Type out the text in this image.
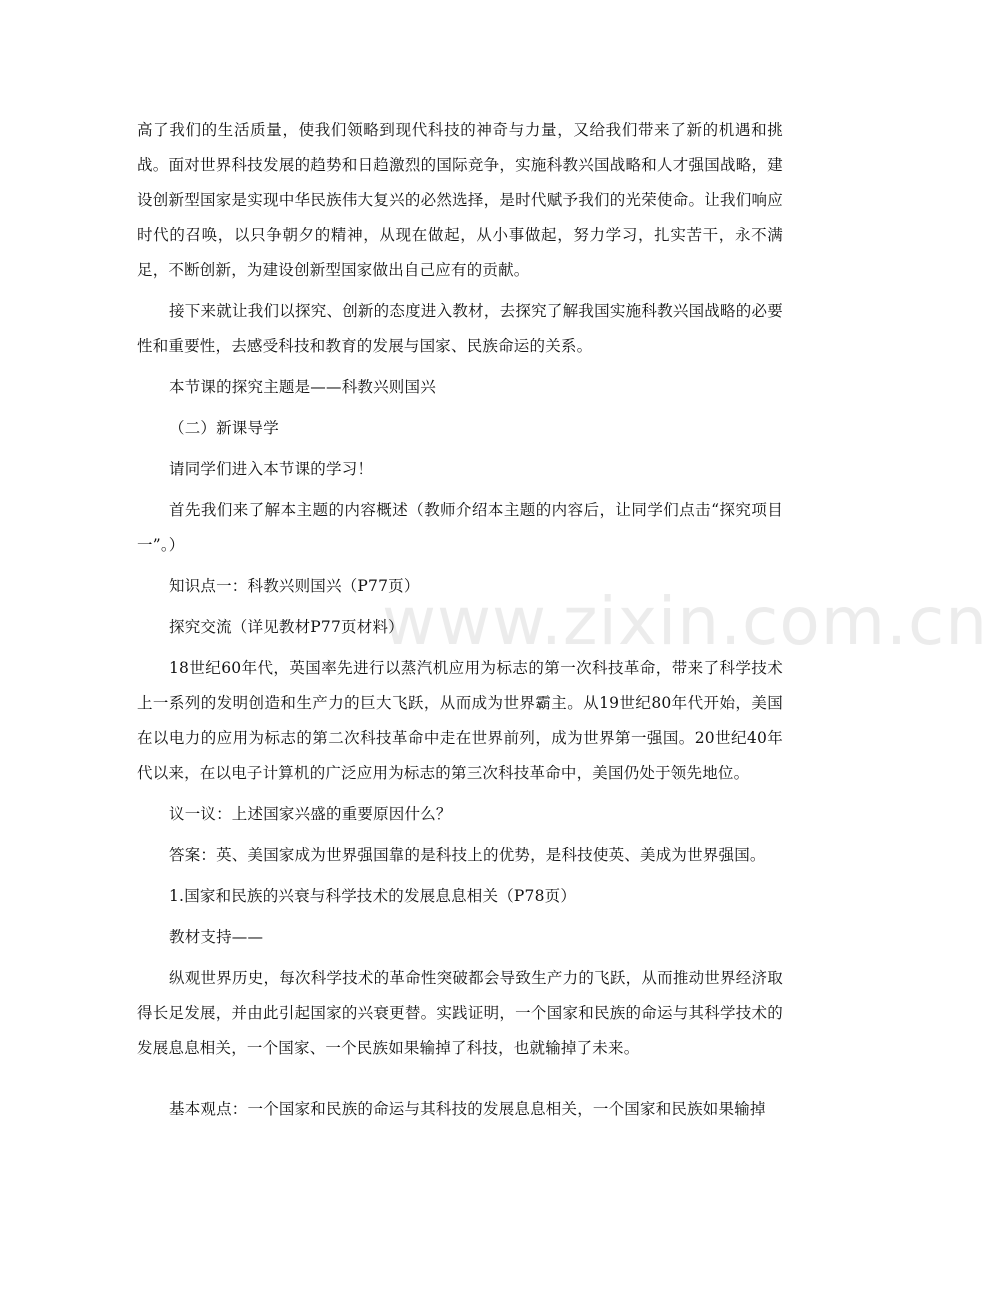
www.zixin.com.cn

高了我们的生活质量，使我们领略到现代科技的神奇与力量，又给我们带来了新的机遇和挑战。面对世界科技发展的趋势和日趋激烈的国际竞争，实施科教兴国战略和人才强国战略，建设创新型国家是实现中华民族伟大复兴的必然选择，是时代赋予我们的光荣使命。让我们响应时代的召唤，以只争朝夕的精神，从现在做起，从小事做起，努力学习，扎实苦干，永不满足，不断创新，为建设创新型国家做出自己应有的贡献。

接下来就让我们以探究、创新的态度进入教材，去探究了解我国实施科教兴国战略的必要性和重要性，去感受科技和教育的发展与国家、民族命运的关系。

本节课的探究主题是——科教兴则国兴

（二）新课导学

请同学们进入本节课的学习！

首先我们来了解本主题的内容概述（教师介绍本主题的内容后，让同学们点击“探究项目一”。）

知识点一：科教兴则国兴（P77页）

探究交流（详见教材P77页材料）

18世纪60年代，英国率先进行以蒸汽机应用为标志的第一次科技革命，带来了科学技术上一系列的发明创造和生产力的巨大飞跃，从而成为世界霸主。从19世纪80年代开始，美国在以电力的应用为标志的第二次科技革命中走在世界前列，成为世界第一强国。20世纪40年代以来，在以电子计算机的广泛应用为标志的第三次科技革命中，美国仍处于领先地位。

议一议：上述国家兴盛的重要原因什么？

答案：英、美国家成为世界强国靠的是科技上的优势，是科技使英、美成为世界强国。

1.国家和民族的兴衰与科学技术的发展息息相关（P78页）

教材支持——

纵观世界历史，每次科学技术的革命性突破都会导致生产力的飞跃，从而推动世界经济取得长足发展，并由此引起国家的兴衰更替。实践证明，一个国家和民族的命运与其科学技术的发展息息相关，一个国家、一个民族如果输掉了科技，也就输掉了未来。

基本观点：一个国家和民族的命运与其科技的发展息息相关，一个国家和民族如果输掉
